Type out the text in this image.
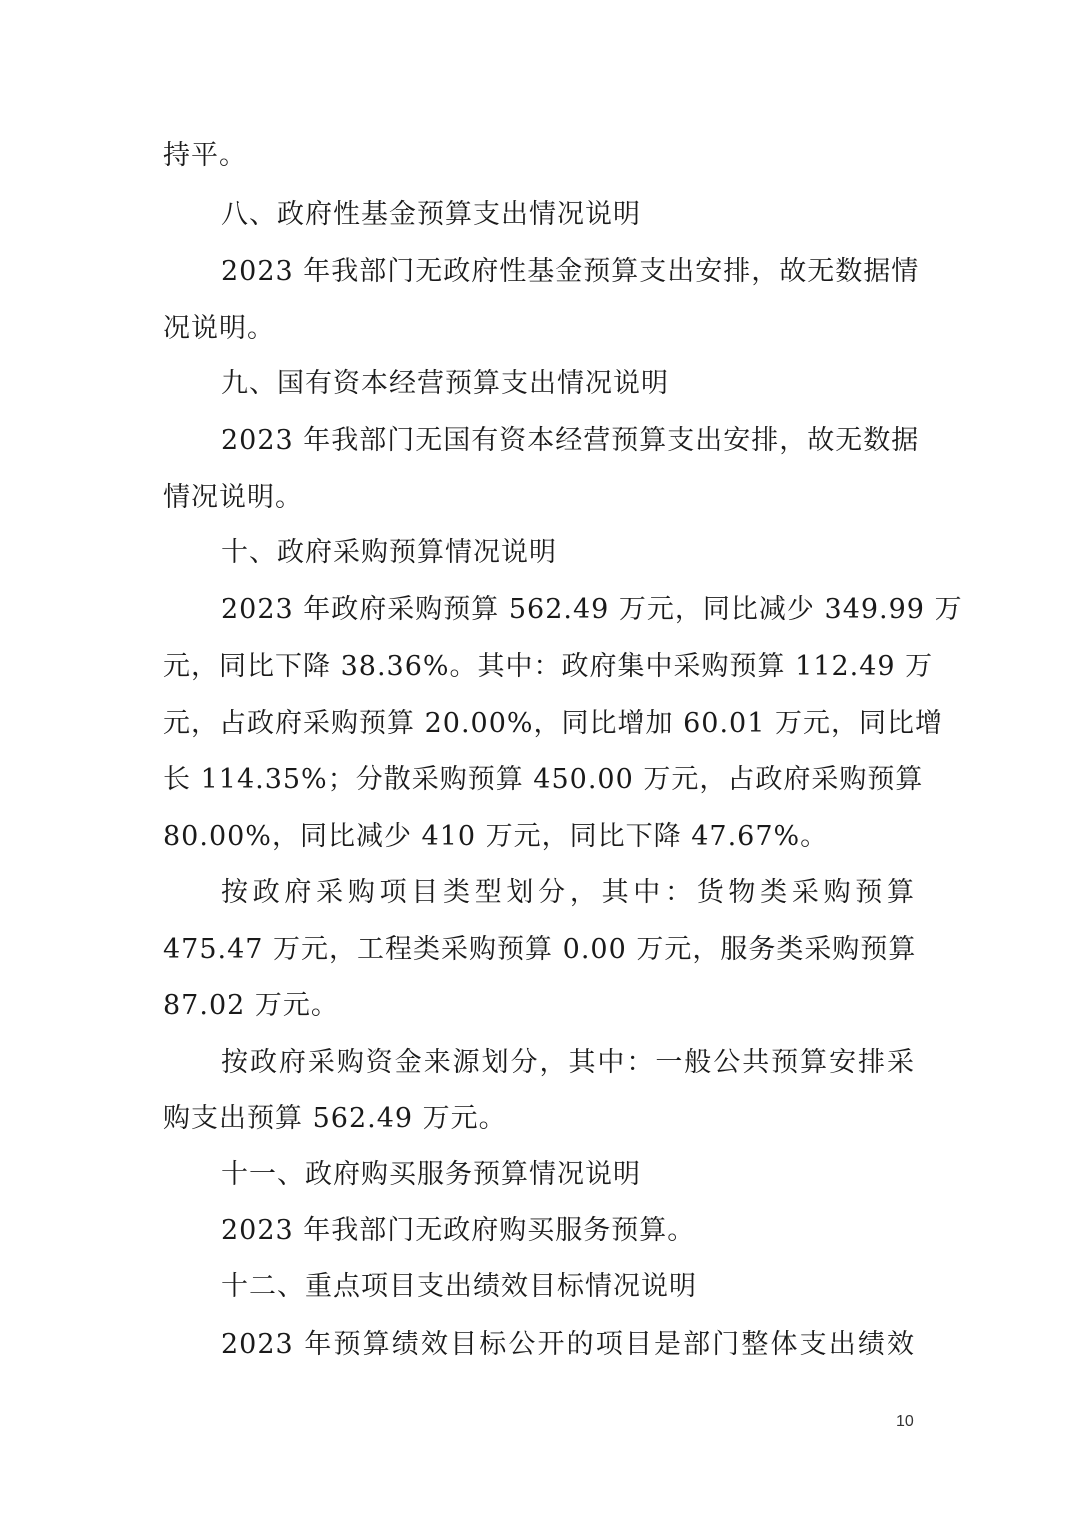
持平。
八、政府性基金预算支出情况说明
2023 年我部门无政府性基金预算支出安排，故无数据情
况说明。
九、国有资本经营预算支出情况说明
2023 年我部门无国有资本经营预算支出安排，故无数据
情况说明。
十、政府采购预算情况说明
2023 年政府采购预算 562.49 万元，同比减少 349.99 万
元，同比下降 38.36%。其中：政府集中采购预算 112.49 万
元，占政府采购预算 20.00%，同比增加 60.01 万元，同比增
长 114.35%；分散采购预算 450.00 万元，占政府采购预算
80.00%，同比减少 410 万元，同比下降 47.67%。
按政府采购项目类型划分，其中：货物类采购预算
475.47 万元，工程类采购预算 0.00 万元，服务类采购预算
87.02 万元。
按政府采购资金来源划分，其中：一般公共预算安排采
购支出预算 562.49 万元。
十一、政府购买服务预算情况说明
2023 年我部门无政府购买服务预算。
十二、重点项目支出绩效目标情况说明
2023 年预算绩效目标公开的项目是部门整体支出绩效
10
